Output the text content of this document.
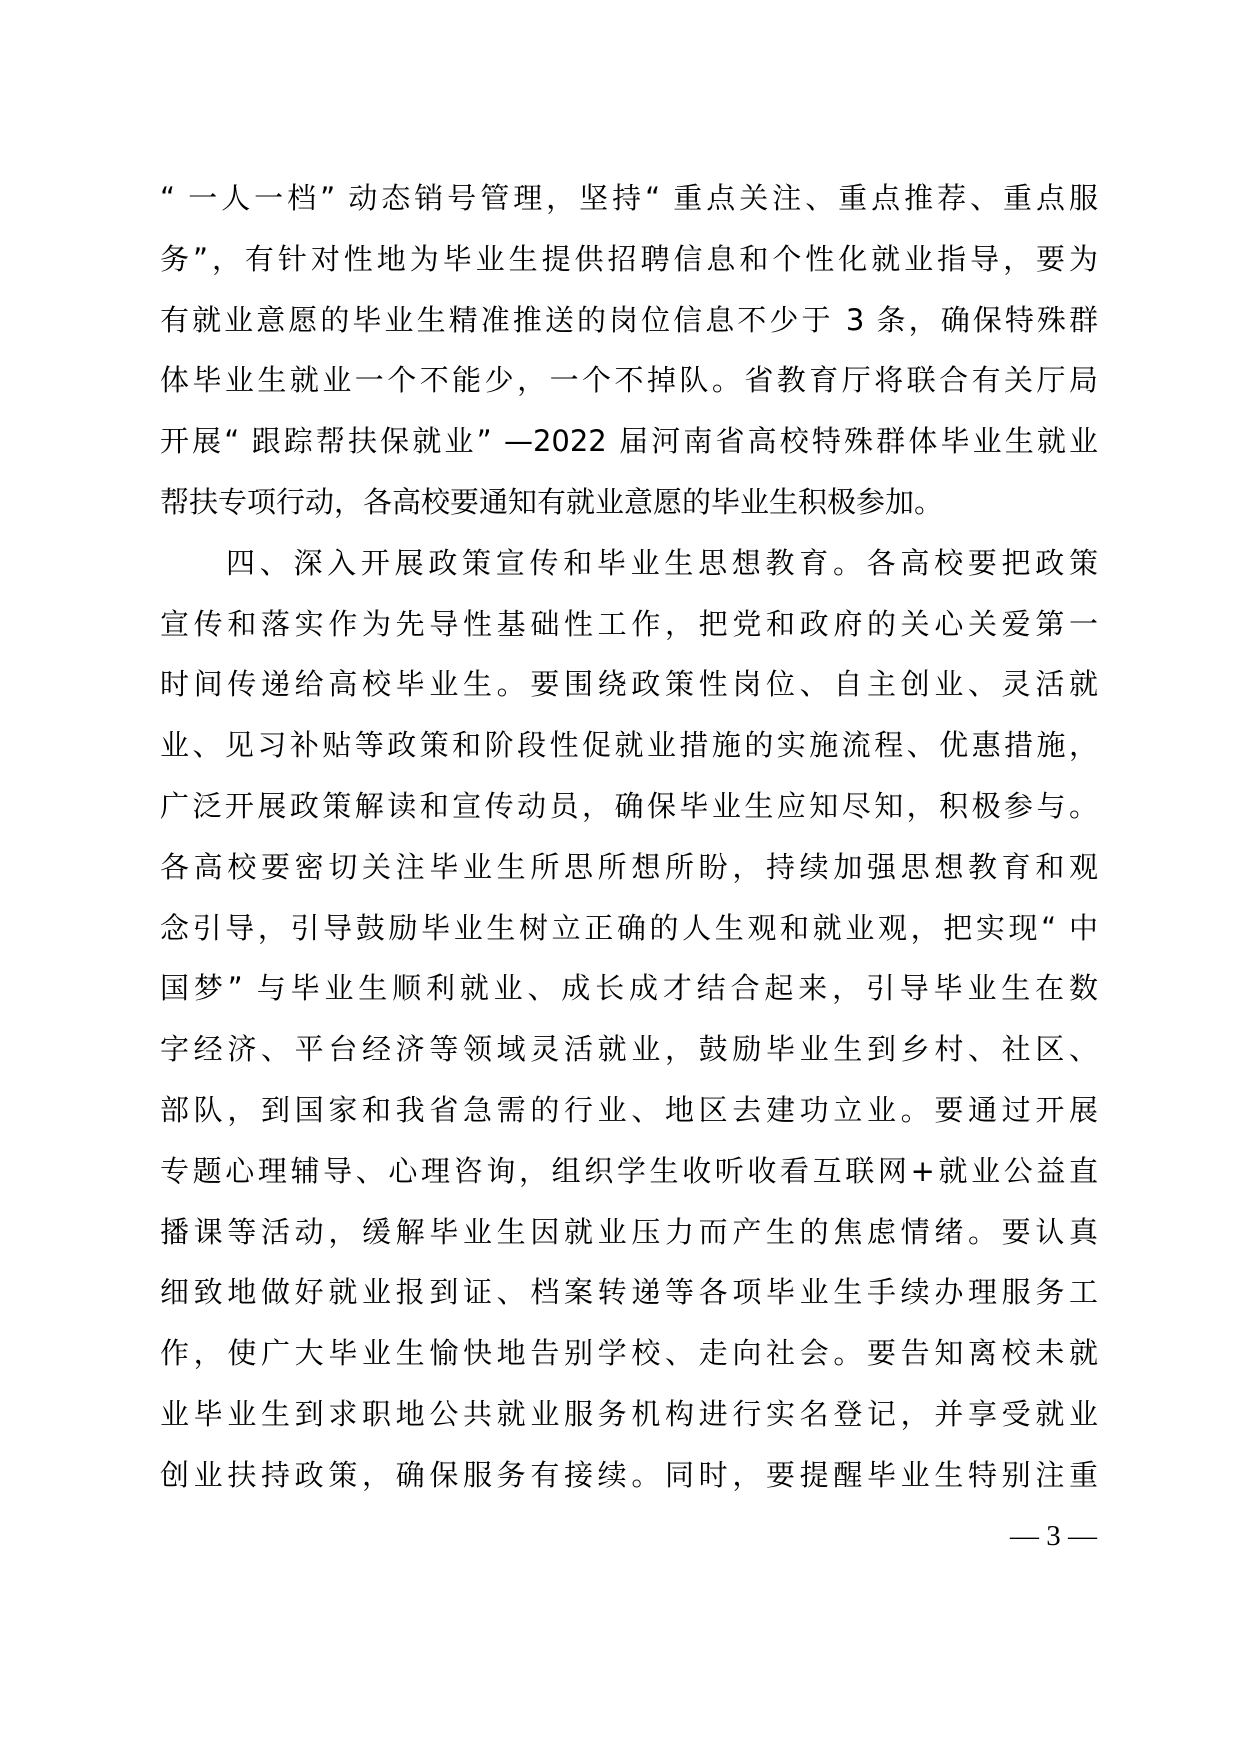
“ 一人一档” 动态销号管理，坚持“ 重点关注、重点推荐、重点服
务”，有针对性地为毕业生提供招聘信息和个性化就业指导，要为
有就业意愿的毕业生精准推送的岗位信息不少于 3 条，确保特殊群
体毕业生就业一个不能少，一个不掉队。省教育厅将联合有关厅局
开展“ 跟踪帮扶保就业” —2022 届河南省高校特殊群体毕业生就业
帮扶专项行动，各高校要通知有就业意愿的毕业生积极参加。
四、深入开展政策宣传和毕业生思想教育。各高校要把政策
宣传和落实作为先导性基础性工作，把党和政府的关心关爱第一
时间传递给高校毕业生。要围绕政策性岗位、自主创业、灵活就
业、见习补贴等政策和阶段性促就业措施的实施流程、优惠措施，
广泛开展政策解读和宣传动员，确保毕业生应知尽知，积极参与。
各高校要密切关注毕业生所思所想所盼，持续加强思想教育和观
念引导，引导鼓励毕业生树立正确的人生观和就业观，把实现“ 中
国梦” 与毕业生顺利就业、成长成才结合起来，引导毕业生在数
字经济、平台经济等领域灵活就业，鼓励毕业生到乡村、社区、
部队，到国家和我省急需的行业、地区去建功立业。要通过开展
专题心理辅导、心理咨询，组织学生收听收看互联网+就业公益直
播课等活动，缓解毕业生因就业压力而产生的焦虑情绪。要认真
细致地做好就业报到证、档案转递等各项毕业生手续办理服务工
作，使广大毕业生愉快地告别学校、走向社会。要告知离校未就
业毕业生到求职地公共就业服务机构进行实名登记，并享受就业
创业扶持政策，确保服务有接续。同时，要提醒毕业生特别注重
— 3 —
